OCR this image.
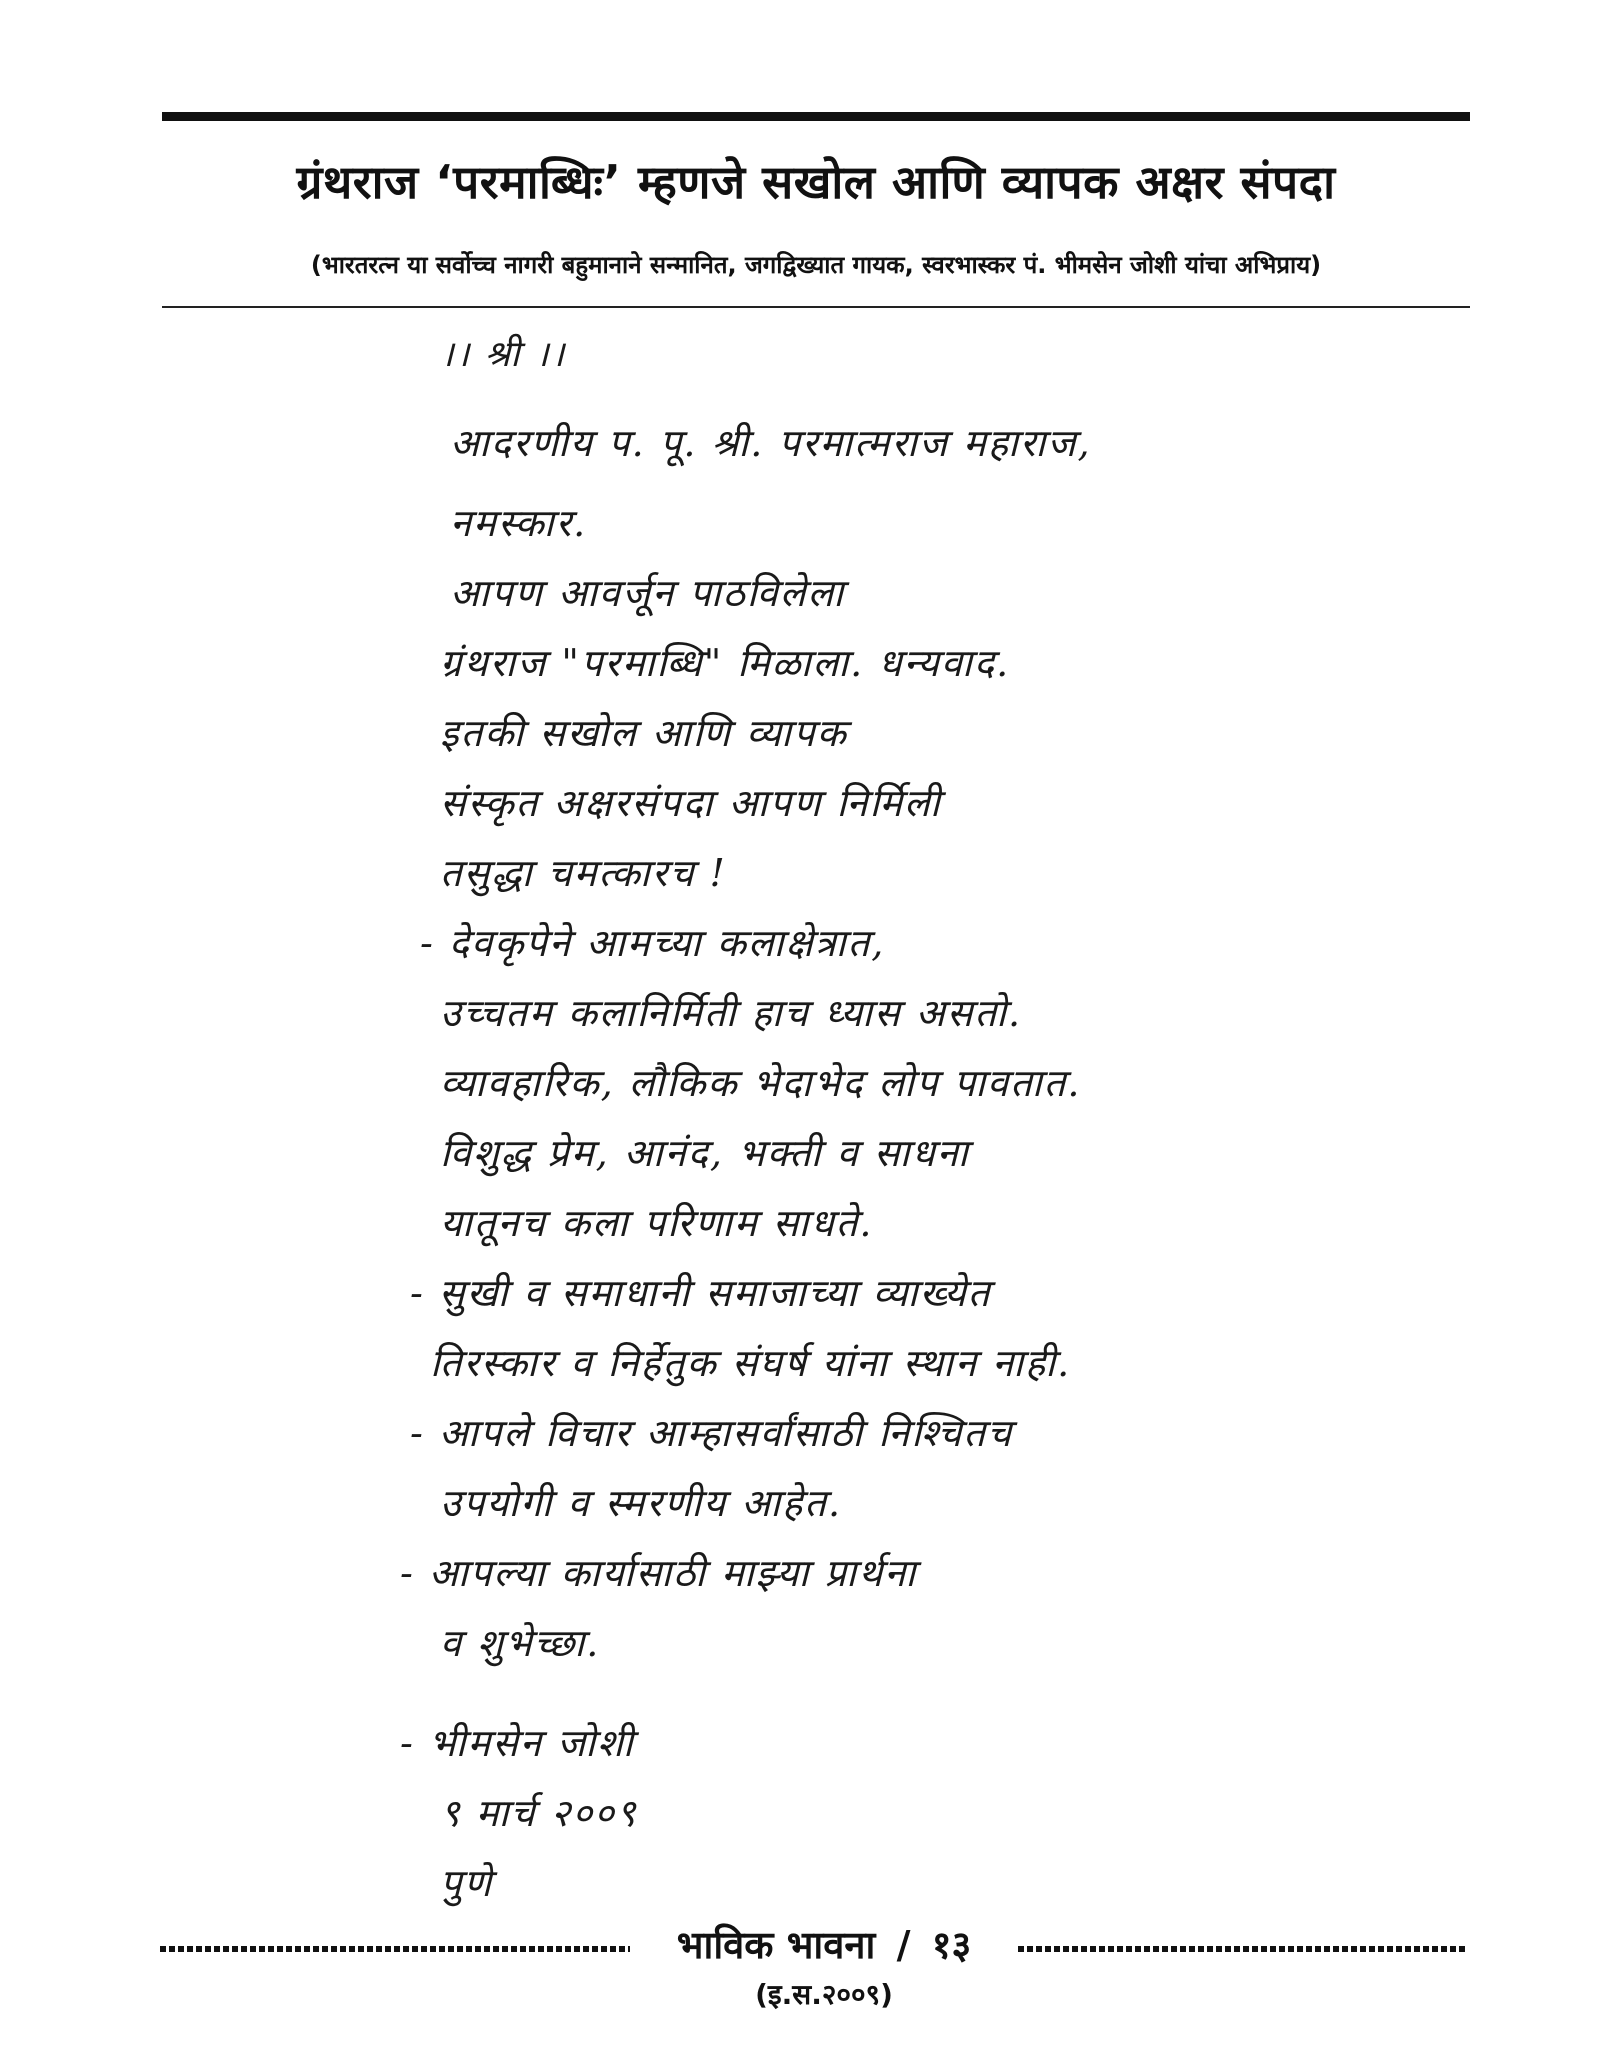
ग्रंथराज ‘परमाब्धिः’ म्हणजे सखोल आणि व्यापक अक्षर संपदा
(भारतरत्न या सर्वोच्च नागरी बहुमानाने सन्मानित, जगद्विख्यात गायक, स्वरभास्कर पं. भीमसेन जोशी यांचा अभिप्राय)
।। श्री ।।
आदरणीय प. पू. श्री. परमात्मराज महाराज,
नमस्कार.
आपण आवर्जून पाठविलेला
ग्रंथराज "परमाब्धि" मिळाला. धन्यवाद.
इतकी सखोल आणि व्यापक
संस्कृत अक्षरसंपदा आपण निर्मिली
तसुद्धा चमत्कारच !
- देवकृपेने आमच्या कलाक्षेत्रात,
उच्चतम कलानिर्मिती हाच ध्यास असतो.
व्यावहारिक, लौकिक भेदाभेद लोप पावतात.
विशुद्ध प्रेम, आनंद, भक्ती व साधना
यातूनच कला परिणाम साधते.
- सुखी व समाधानी समाजाच्या व्याख्येत
तिरस्कार व निर्हेतुक संघर्ष यांना स्थान नाही.
- आपले विचार आम्हासर्वांसाठी निश्चितच
उपयोगी व स्मरणीय आहेत.
- आपल्या कार्यासाठी माझ्या प्रार्थना
व शुभेच्छा.
- भीमसेन जोशी
९ मार्च २००९
पुणे
भाविक भावना / १३
(इ.स.२००९)
